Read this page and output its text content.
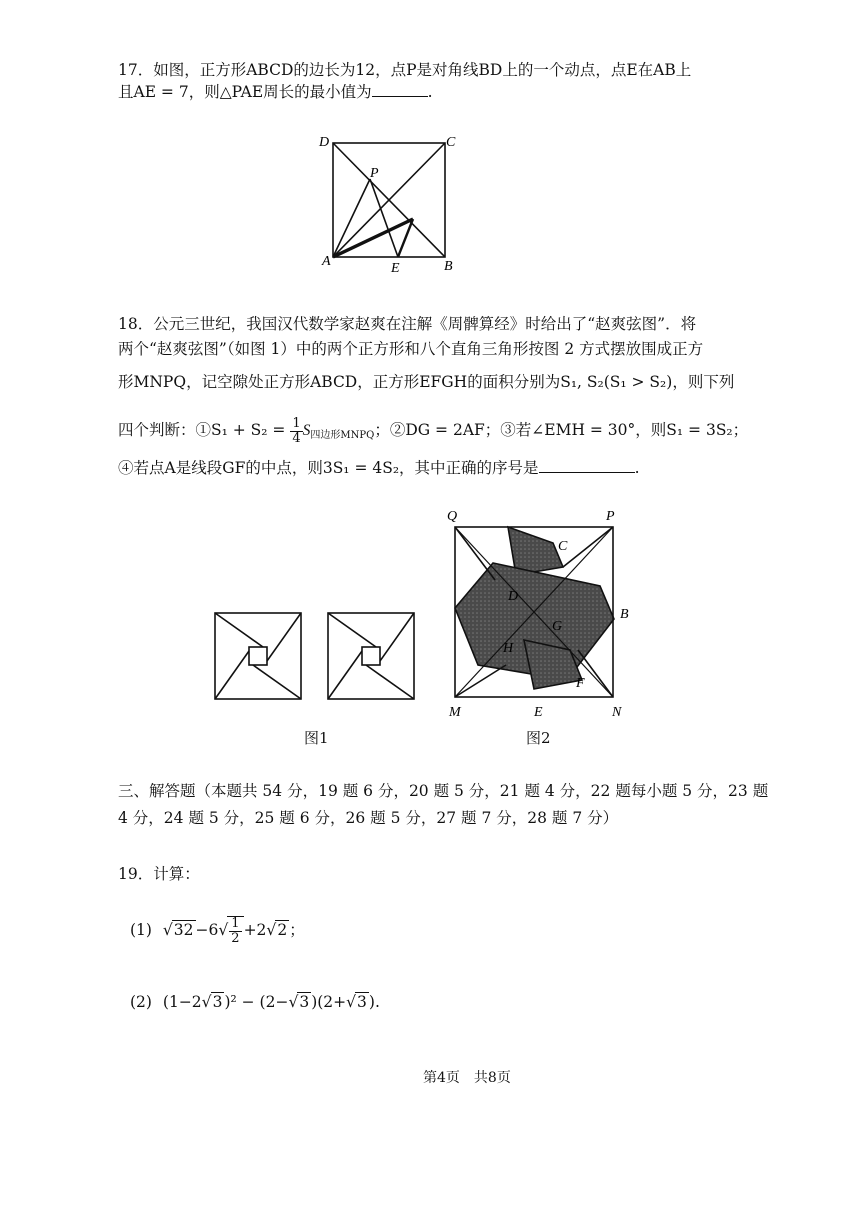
17．如图，正方形ABCD的边长为12，点P是对角线BD上的一个动点，点E在AB上
且AE = 7，则△PAE周长的最小值为	.
D	C
P
A	E	B
18．公元三世纪，我国汉代数学家赵爽在注解《周髀算经》时给出了“赵爽弦图”．将
两个“赵爽弦图”（如图 1）中的两个正方形和八个直角三角形按图 2 方式摆放围成正方
形MNPQ，记空隙处正方形ABCD，正方形EFGH的面积分别为S₁, S₂(S₁ > S₂)，则下列
四个判断：①S₁ + $S_2 = \frac{1}{4} S_{四边形MNPQ}$；②DG = 2AF；③若∠EMH = 30°，则S₁ = 3S₂；
④若点A是线段GF的中点，则3S₁ = 4S₂，其中正确的序号是	.
Q	P
C
D
B
G
H
F
M	E	N
图1	图2
三、解答题（本题共 54 分，19 题 6 分，20 题 5 分，21 题 4 分，22 题每小题 5 分，23 题
4 分，24 题 5 分，25 题 6 分，26 题 5 分，27 题 7 分，28 题 7 分）
19．计算：
(1) $√32 -6√ \frac{1}{2} +2√2$ ；
(2) (1−2√3 )² − (2−√3 )(2+√3 ).
第4页　共8页
